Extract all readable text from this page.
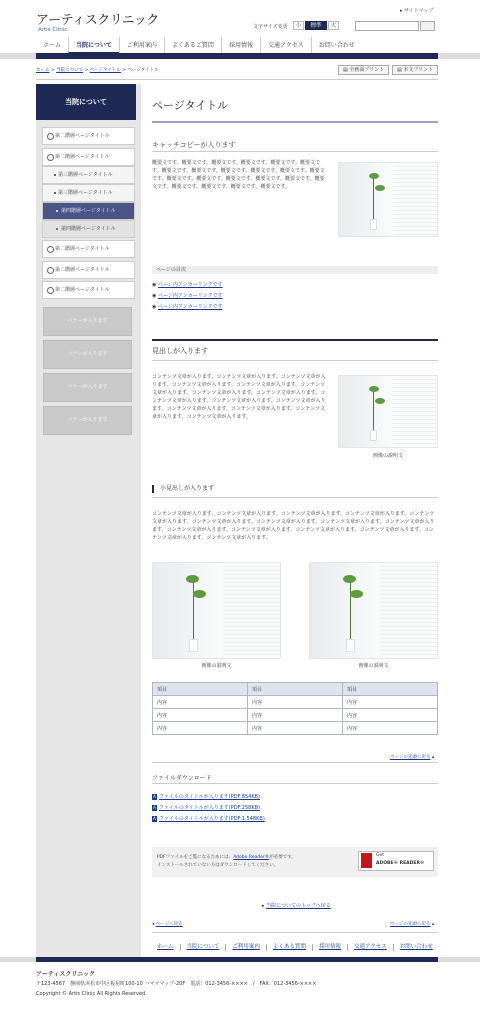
アーティスクリニック
Artis Clinic
▸ サイトマップ
文字サイズ変更	小	標準	大
ホーム	当院について	ご利用案内	よくあるご質問	採用情報	交通アクセス	お問い合わせ
ホーム > 当院について > ページタイトル > ページタイトル	▤ 全画面プリント	▤ 本文プリント
当院について
第二階層ページタイトル
第二階層ページタイトル
第三階層ページタイトル
第三階層ページタイトル
第四階層ページタイトル
第四階層ページタイトル
第二階層ページタイトル
第二階層ページタイトル
第二階層ページタイトル
バナーが入ります
バナーが入ります
バナーが入ります
バナーが入ります
ページタイトル
キャッチコピーが入ります
概要文です。概要文です。概要文です。概要文です。概要文です。概要文です。概要文です。概要文です。概要文です。概要文です。概要文です。概要文です。概要文です。概要文です。概要文です。概要文です。概要文です。概要文です。概要文です。概要文です。概要文です。概要文です。
ページの目次
◉ ページ内アンカーリンクです
◉ ページ内アンカーリンクです
◉ ページ内アンカーリンクです
見出しが入ります
コンテンツ文章が入ります。コンテンツ文章が入ります。コンテンツ文章が入ります。コンテンツ文章が入ります。コンテンツ文章が入ります。コンテンツ文章が入ります。コンテンツ文章が入ります。コンテンツ文章が入ります。コンテンツ文章が入ります。コンテンツ文章が入ります。コンテンツ文章が入ります。コンテンツ文章が入ります。コンテンツ文章が入ります。コンテンツ文章が入ります。コンテンツ文章が入ります。
画像の説明文
小見出しが入ります
コンテンツ文章が入ります。コンテンツ文章が入ります。コンテンツ文章が入ります。コンテンツ文章が入ります。コンテンツ文章が入ります。コンテンツ文章が入ります。コンテンツ文章が入ります。コンテンツ文章が入ります。コンテンツ文章が入ります。コンテンツ文章が入ります。コンテンツ文章が入ります。コンテンツ文章が入ります。コンテンツ文章が入ります。コンテンツ文章が入ります。コンテンツ文章が入ります。
画像の説明文	画像の説明文
項目	項目	項目
内容	内容	内容
内容	内容	内容
内容	内容	内容
ページの先頭へ戻る ▴
ファイルダウンロード
A ファイルのタイトルが入ります(PDF:854KB)
A ファイルのタイトルが入ります(PDF:258KB)
A ファイルのタイトルが入ります(PDF:1,548KB)
PDFファイルをご覧になるためには、Adobe Reader®が必要です。
インストールされていない方はダウンロードしてください。
Get
ADOBE® READER®
▸ 当院についてのトップへ戻る
◂ ページへ戻る	ページの先頭へ戻る ▴
ホーム	当院について	ご利用案内	よくある質問	採用情報	交通アクセス	お問い合わせ
アーティスクリニック
〒123-4567　静岡県浜松市中区板屋町100-10 ハマママップ-20F　電話：012-3456-××××　/　FAX：012-3456-××××
Copyright © Artis Clinic All Rights Reserved.
